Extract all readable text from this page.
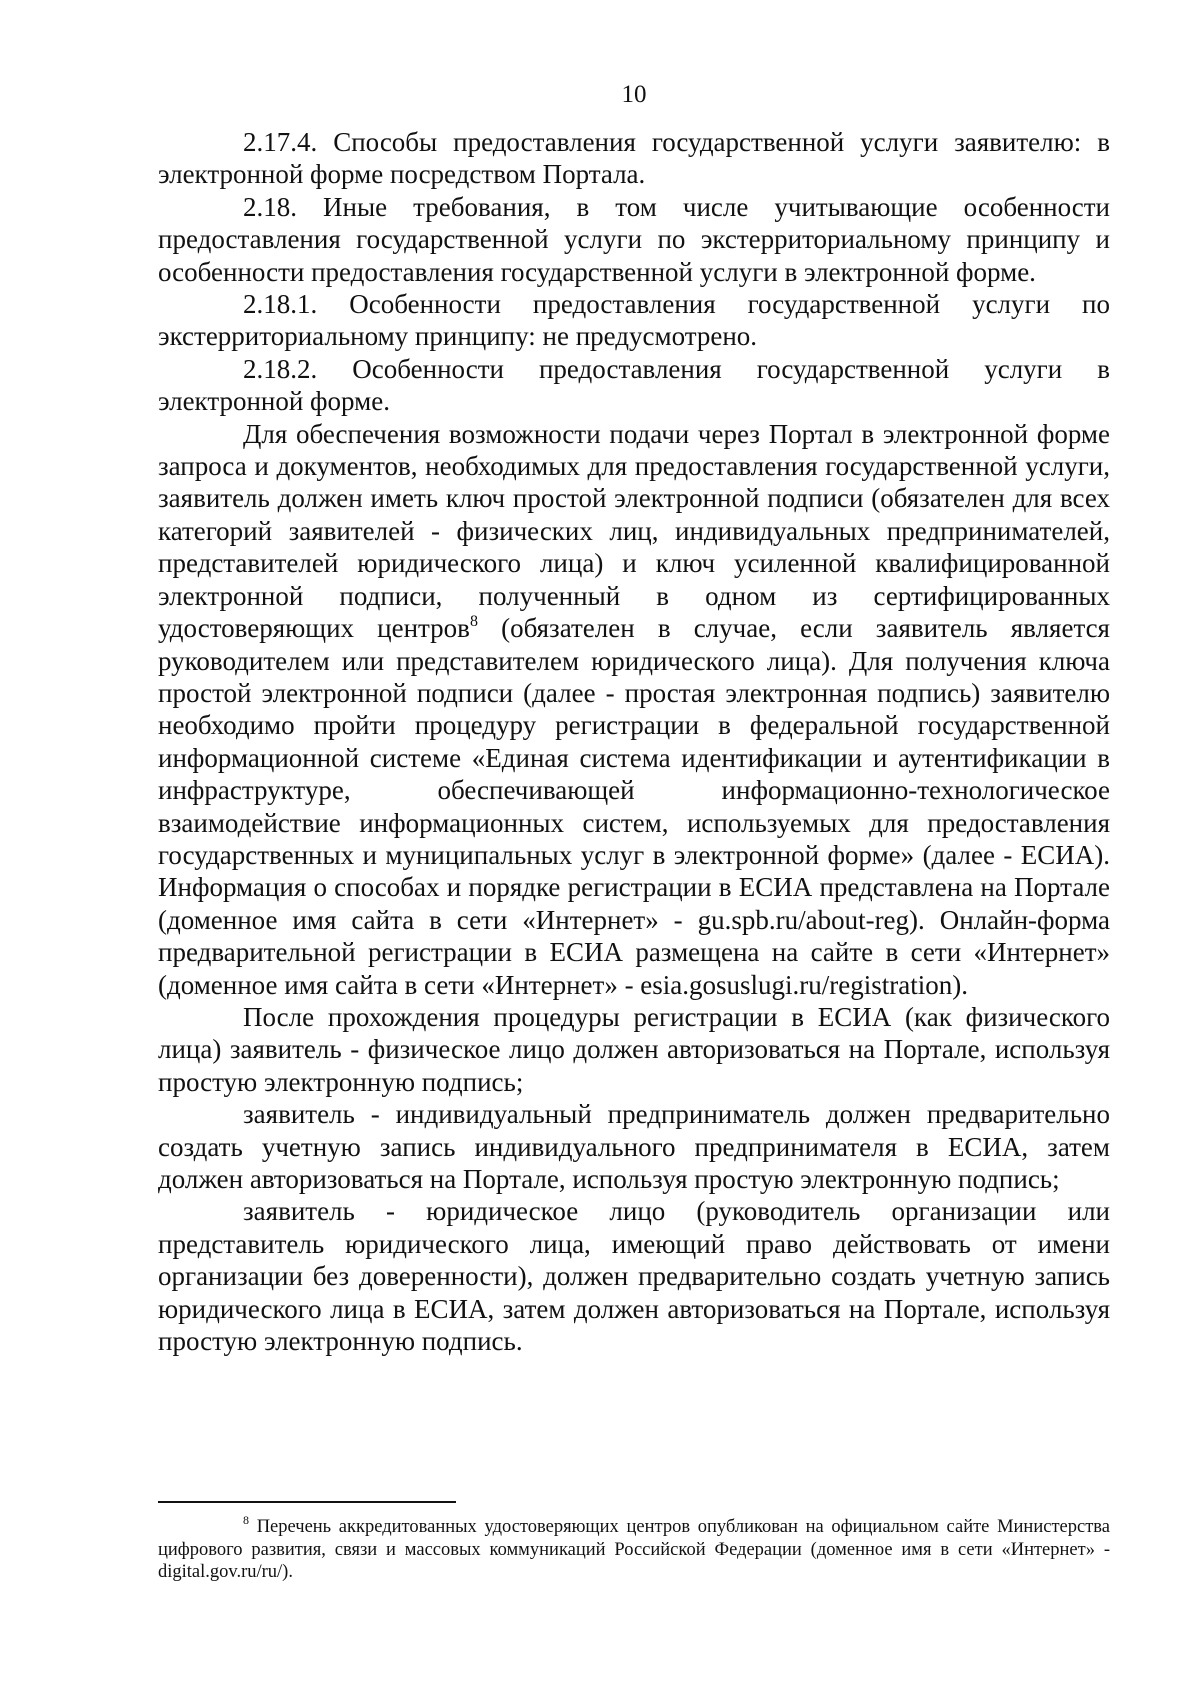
10

2.17.4. Способы предоставления государственной услуги заявителю: в электронной форме посредством Портала.

2.18. Иные требования, в том числе учитывающие особенности предоставления государственной услуги по экстерриториальному принципу и особенности предоставления государственной услуги в электронной форме.

2.18.1. Особенности предоставления государственной услуги по экстерриториальному принципу: не предусмотрено.

2.18.2. Особенности предоставления государственной услуги в электронной форме.

Для обеспечения возможности подачи через Портал в электронной форме запроса и документов, необходимых для предоставления государственной услуги, заявитель должен иметь ключ простой электронной подписи (обязателен для всех категорий заявителей - физических лиц, индивидуальных предпринимателей, представителей юридического лица) и ключ усиленной квалифицированной электронной подписи, полученный в одном из сертифицированных удостоверяющих центров$^8$ (обязателен в случае, если заявитель является руководителем или представителем юридического лица). Для получения ключа простой электронной подписи (далее - простая электронная подпись) заявителю необходимо пройти процедуру регистрации в федеральной государственной информационной системе «Единая система идентификации и аутентификации в инфраструктуре, обеспечивающей информационно-технологическое взаимодействие информационных систем, используемых для предоставления государственных и муниципальных услуг в электронной форме» (далее - ЕСИА). Информация о способах и порядке регистрации в ЕСИА представлена на Портале (доменное имя сайта в сети «Интернет» - gu.spb.ru/about-reg). Онлайн-форма предварительной регистрации в ЕСИА размещена на сайте в сети «Интернет» (доменное имя сайта в сети «Интернет» - esia.gosuslugi.ru/registration).

После прохождения процедуры регистрации в ЕСИА (как физического лица) заявитель - физическое лицо должен авторизоваться на Портале, используя простую электронную подпись;

заявитель - индивидуальный предприниматель должен предварительно создать учетную запись индивидуального предпринимателя в ЕСИА, затем должен авторизоваться на Портале, используя простую электронную подпись;

заявитель - юридическое лицо (руководитель организации или представитель юридического лица, имеющий право действовать от имени организации без доверенности), должен предварительно создать учетную запись юридического лица в ЕСИА, затем должен авторизоваться на Портале, используя простую электронную подпись.

$^8$ Перечень аккредитованных удостоверяющих центров опубликован на официальном сайте Министерства цифрового развития, связи и массовых коммуникаций Российской Федерации (доменное имя в сети «Интернет» - digital.gov.ru/ru/).
